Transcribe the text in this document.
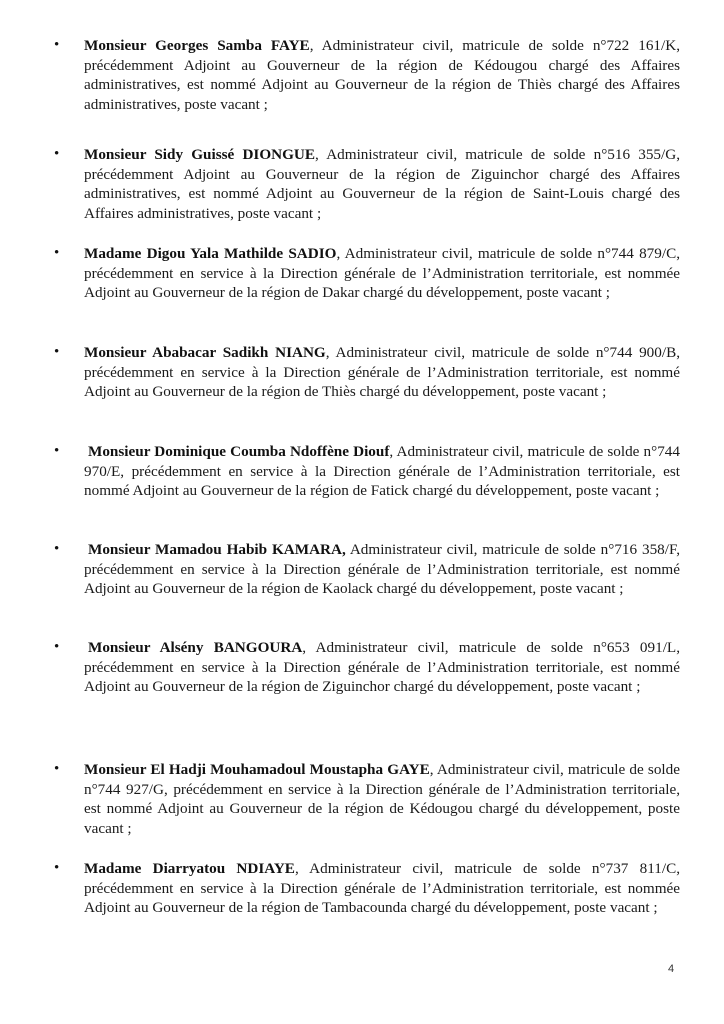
•	Monsieur Georges Samba FAYE, Administrateur civil, matricule de solde n°722 161/K, précédemment Adjoint au Gouverneur de la région de Kédougou chargé des Affaires administratives, est nommé Adjoint au Gouverneur de la région de Thiès chargé des Affaires administratives, poste vacant ;
•	Monsieur Sidy Guissé DIONGUE, Administrateur civil, matricule de solde n°516 355/G, précédemment Adjoint au Gouverneur de la région de Ziguinchor chargé des Affaires administratives, est nommé Adjoint au Gouverneur de la région de Saint-Louis chargé des Affaires administratives, poste vacant ;
•	Madame Digou Yala Mathilde SADIO, Administrateur civil, matricule de solde n°744 879/C, précédemment en service à la Direction générale de l’Administration territoriale, est nommée Adjoint au Gouverneur de la région de Dakar chargé du développement, poste vacant ;
•	Monsieur Ababacar Sadikh NIANG, Administrateur civil, matricule de solde n°744 900/B, précédemment en service à la Direction générale de l’Administration territoriale, est nommé Adjoint au Gouverneur de la région de Thiès chargé du développement, poste vacant ;
•	Monsieur Dominique Coumba Ndoffène Diouf, Administrateur civil, matricule de solde n°744 970/E, précédemment en service à la Direction générale de l’Administration territoriale, est nommé Adjoint au Gouverneur de la région de Fatick chargé du développement, poste vacant ;
•	Monsieur Mamadou Habib KAMARA, Administrateur civil, matricule de solde n°716 358/F, précédemment en service à la Direction générale de l’Administration territoriale, est nommé Adjoint au Gouverneur de la région de Kaolack chargé du développement, poste vacant ;
•	Monsieur Alsény BANGOURA, Administrateur civil, matricule de solde n°653 091/L, précédemment en service à la Direction générale de l’Administration territoriale, est nommé Adjoint au Gouverneur de la région de Ziguinchor chargé du développement, poste vacant ;
•	Monsieur El Hadji Mouhamadoul Moustapha GAYE, Administrateur civil, matricule de solde n°744 927/G, précédemment en service à la Direction générale de l’Administration territoriale, est nommé Adjoint au Gouverneur de la région de Kédougou chargé du développement, poste vacant ;
•	Madame Diarryatou NDIAYE, Administrateur civil, matricule de solde n°737 811/C, précédemment en service à la Direction générale de l’Administration territoriale, est nommée Adjoint au Gouverneur de la région de Tambacounda chargé du développement, poste vacant ;
4
